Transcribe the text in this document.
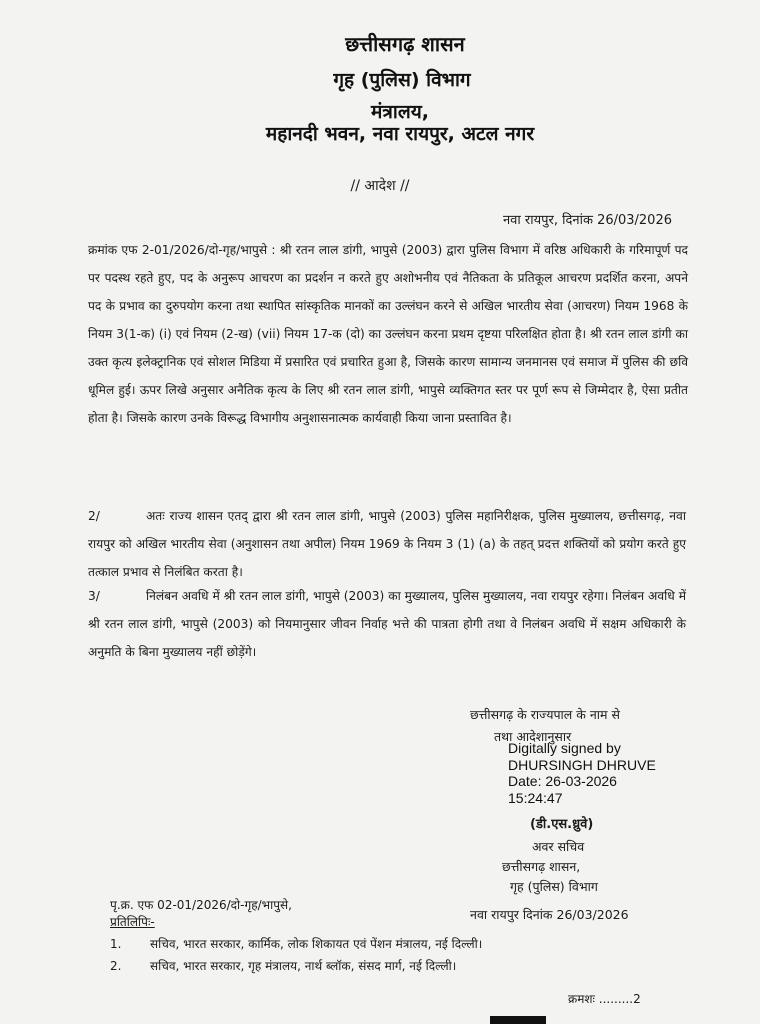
छत्तीसगढ़ शासन
गृह (पुलिस) विभाग
मंत्रालय,
महानदी भवन, नवा रायपुर, अटल नगर
// आदेश //
नवा रायपुर, दिनांक 26/03/2026
क्रमांक एफ 2-01/2026/दो-गृह/भापुसे : श्री रतन लाल डांगी, भापुसे (2003) द्वारा पुलिस विभाग में वरिष्ठ अधिकारी के गरिमापूर्ण पद पर पदस्थ रहते हुए, पद के अनुरूप आचरण का प्रदर्शन न करते हुए अशोभनीय एवं नैतिकता के प्रतिकूल आचरण प्रदर्शित करना, अपने पद के प्रभाव का दुरुपयोग करना तथा स्थापित सांस्कृतिक मानकों का उल्लंघन करने से अखिल भारतीय सेवा (आचरण) नियम 1968 के नियम 3(1-क) (i) एवं नियम (2-ख) (vii) नियम 17-क (दो) का उल्लंघन करना प्रथम दृष्टया परिलक्षित होता है। श्री रतन लाल डांगी का उक्त कृत्य इलेक्ट्रानिक एवं सोशल मिडिया में प्रसारित एवं प्रचारित हुआ है, जिसके कारण सामान्य जनमानस एवं समाज में पुलिस की छवि धूमिल हुई। ऊपर लिखे अनुसार अनैतिक कृत्य के लिए श्री रतन लाल डांगी, भापुसे व्यक्तिगत स्तर पर पूर्ण रूप से जिम्मेदार है, ऐसा प्रतीत होता है। जिसके कारण उनके विरूद्ध विभागीय अनुशासनात्मक कार्यवाही किया जाना प्रस्तावित है।
2/	अतः राज्य शासन एतद् द्वारा श्री रतन लाल डांगी, भापुसे (2003) पुलिस महानिरीक्षक, पुलिस मुख्यालय, छत्तीसगढ़, नवा रायपुर को अखिल भारतीय सेवा (अनुशासन तथा अपील) नियम 1969 के नियम 3 (1) (a) के तहत् प्रदत्त शक्तियों को प्रयोग करते हुए तत्काल प्रभाव से निलंबित करता है।
3/	निलंबन अवधि में श्री रतन लाल डांगी, भापुसे (2003) का मुख्यालय, पुलिस मुख्यालय, नवा रायपुर रहेगा। निलंबन अवधि में श्री रतन लाल डांगी, भापुसे (2003) को नियमानुसार जीवन निर्वाह भत्ते की पात्रता होगी तथा वे निलंबन अवधि में सक्षम अधिकारी के अनुमति के बिना मुख्यालय नहीं छोड़ेंगे।
छत्तीसगढ़ के राज्यपाल के नाम से
तथा आदेशानुसार
Digitally signed by
DHURSINGH DHRUVE
Date: 26-03-2026
15:24:47
(डी.एस.ध्रुवे)
अवर सचिव
छत्तीसगढ़ शासन,
गृह (पुलिस) विभाग
पृ.क्र. एफ 02-01/2026/दो-गृह/भापुसे,
प्रतिलिपिः-	नवा रायपुर दिनांक 26/03/2026
1. सचिव, भारत सरकार, कार्मिक, लोक शिकायत एवं पेंशन मंत्रालय, नई दिल्ली।
2. सचिव, भारत सरकार, गृह मंत्रालय, नार्थ ब्लॉक, संसद मार्ग, नई दिल्ली।
क्रमशः .........2
